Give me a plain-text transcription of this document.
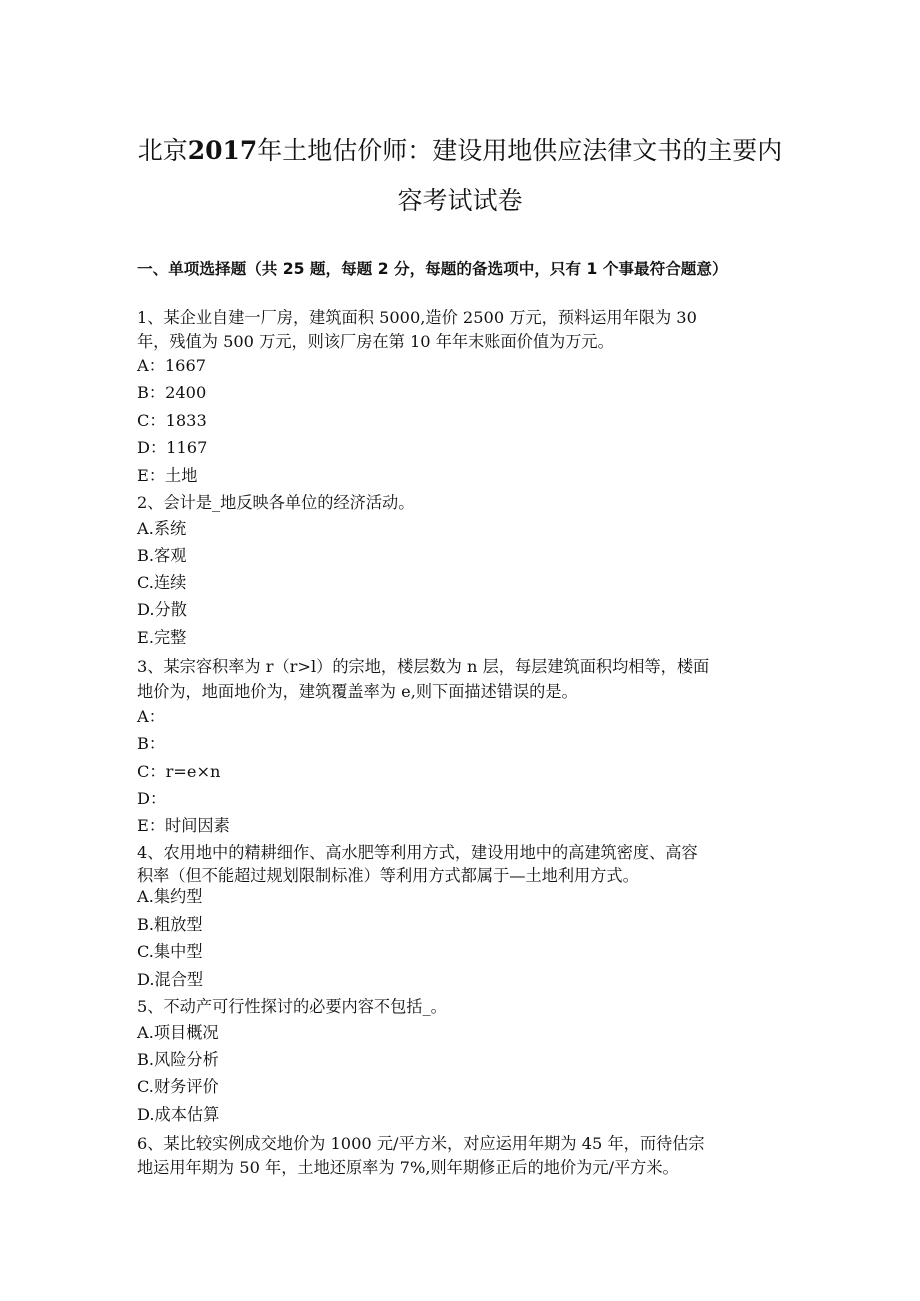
北京2017年土地估价师：建设用地供应法律文书的主要内
容考试试卷
一、单项选择题（共 25 题，每题 2 分，每题的备选项中，只有 1 个事最符合题意）
1、某企业自建一厂房，建筑面积 5000,造价 2500 万元，预料运用年限为 30
年，残值为 500 万元，则该厂房在第 10 年年末账面价值为万元。
A：1667
B：2400
C：1833
D：1167
E：土地
2、会计是_地反映各单位的经济活动。
A.系统
B.客观
C.连续
D.分散
E.完整
3、某宗容积率为 r（r>l）的宗地，楼层数为 n 层，每层建筑面积均相等，楼面
地价为，地面地价为，建筑覆盖率为 e,则下面描述错误的是。
A：
B：
C：r=e×n
D：
E：时间因素
4、农用地中的精耕细作、高水肥等利用方式，建设用地中的高建筑密度、高容
积率（但不能超过规划限制标准）等利用方式都属于—土地利用方式。
A.集约型
B.粗放型
C.集中型
D.混合型
5、不动产可行性探讨的必要内容不包括_。
A.项目概况
B.风险分析
C.财务评价
D.成本估算
6、某比较实例成交地价为 1000 元/平方米，对应运用年期为 45 年，而待估宗
地运用年期为 50 年，土地还原率为 7%,则年期修正后的地价为元/平方米。
